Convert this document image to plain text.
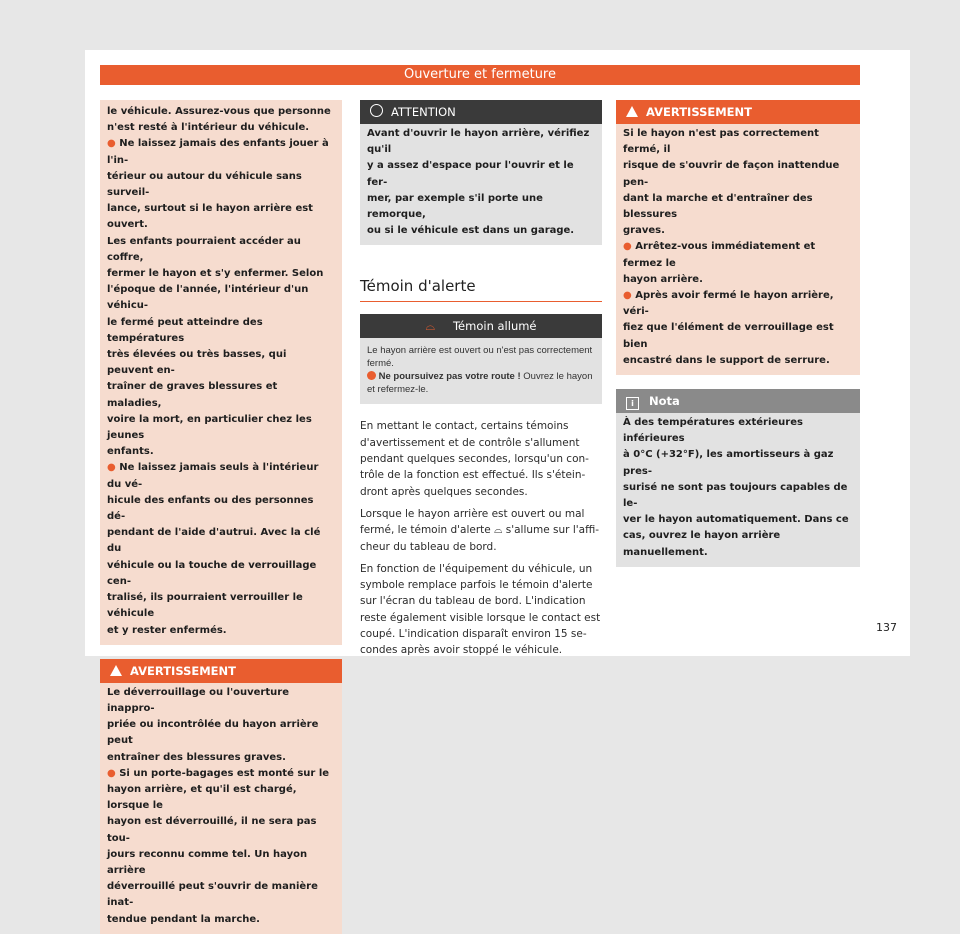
Ouverture et fermeture
le véhicule. Assurez-vous que personne
n'est resté à l'intérieur du véhicule.
● Ne laissez jamais des enfants jouer à l'in-
térieur ou autour du véhicule sans surveil-
lance, surtout si le hayon arrière est ouvert.
Les enfants pourraient accéder au coffre,
fermer le hayon et s'y enfermer. Selon
l'époque de l'année, l'intérieur d'un véhicu-
le fermé peut atteindre des températures
très élevées ou très basses, qui peuvent en-
traîner de graves blessures et maladies,
voire la mort, en particulier chez les jeunes
enfants.
● Ne laissez jamais seuls à l'intérieur du vé-
hicule des enfants ou des personnes dé-
pendant de l'aide d'autrui. Avec la clé du
véhicule ou la touche de verrouillage cen-
tralisé, ils pourraient verrouiller le véhicule
et y rester enfermés.
AVERTISSEMENT
Le déverrouillage ou l'ouverture inappro-
priée ou incontrôlée du hayon arrière peut
entraîner des blessures graves.
● Si un porte-bagages est monté sur le
hayon arrière, et qu'il est chargé, lorsque le
hayon est déverrouillé, il ne sera pas tou-
jours reconnu comme tel. Un hayon arrière
déverrouillé peut s'ouvrir de manière inat-
tendue pendant la marche.
ATTENTION
Avant d'ouvrir le hayon arrière, vérifiez qu'il
y a assez d'espace pour l'ouvrir et le fer-
mer, par exemple s'il porte une remorque,
ou si le véhicule est dans un garage.
Témoin d'alerte
⌓ Témoin allumé
Le hayon arrière est ouvert ou n'est pas correctement
fermé.
Ne poursuivez pas votre route ! Ouvrez le hayon
et refermez-le.
En mettant le contact, certains témoins
d'avertissement et de contrôle s'allument
pendant quelques secondes, lorsqu'un con-
trôle de la fonction est effectué. Ils s'étein-
dront après quelques secondes.
Lorsque le hayon arrière est ouvert ou mal
fermé, le témoin d'alerte ⌓ s'allume sur l'affi-
cheur du tableau de bord.
En fonction de l'équipement du véhicule, un
symbole remplace parfois le témoin d'alerte
sur l'écran du tableau de bord. L'indication
reste également visible lorsque le contact est
coupé. L'indication disparaît environ 15 se-
condes après avoir stoppé le véhicule.
AVERTISSEMENT
Si le hayon n'est pas correctement fermé, il
risque de s'ouvrir de façon inattendue pen-
dant la marche et d'entraîner des blessures
graves.
● Arrêtez-vous immédiatement et fermez le
hayon arrière.
● Après avoir fermé le hayon arrière, véri-
fiez que l'élément de verrouillage est bien
encastré dans le support de serrure.
i Nota
À des températures extérieures inférieures
à 0°C (+32°F), les amortisseurs à gaz pres-
surisé ne sont pas toujours capables de le-
ver le hayon automatiquement. Dans ce
cas, ouvrez le hayon arrière manuellement.
137
